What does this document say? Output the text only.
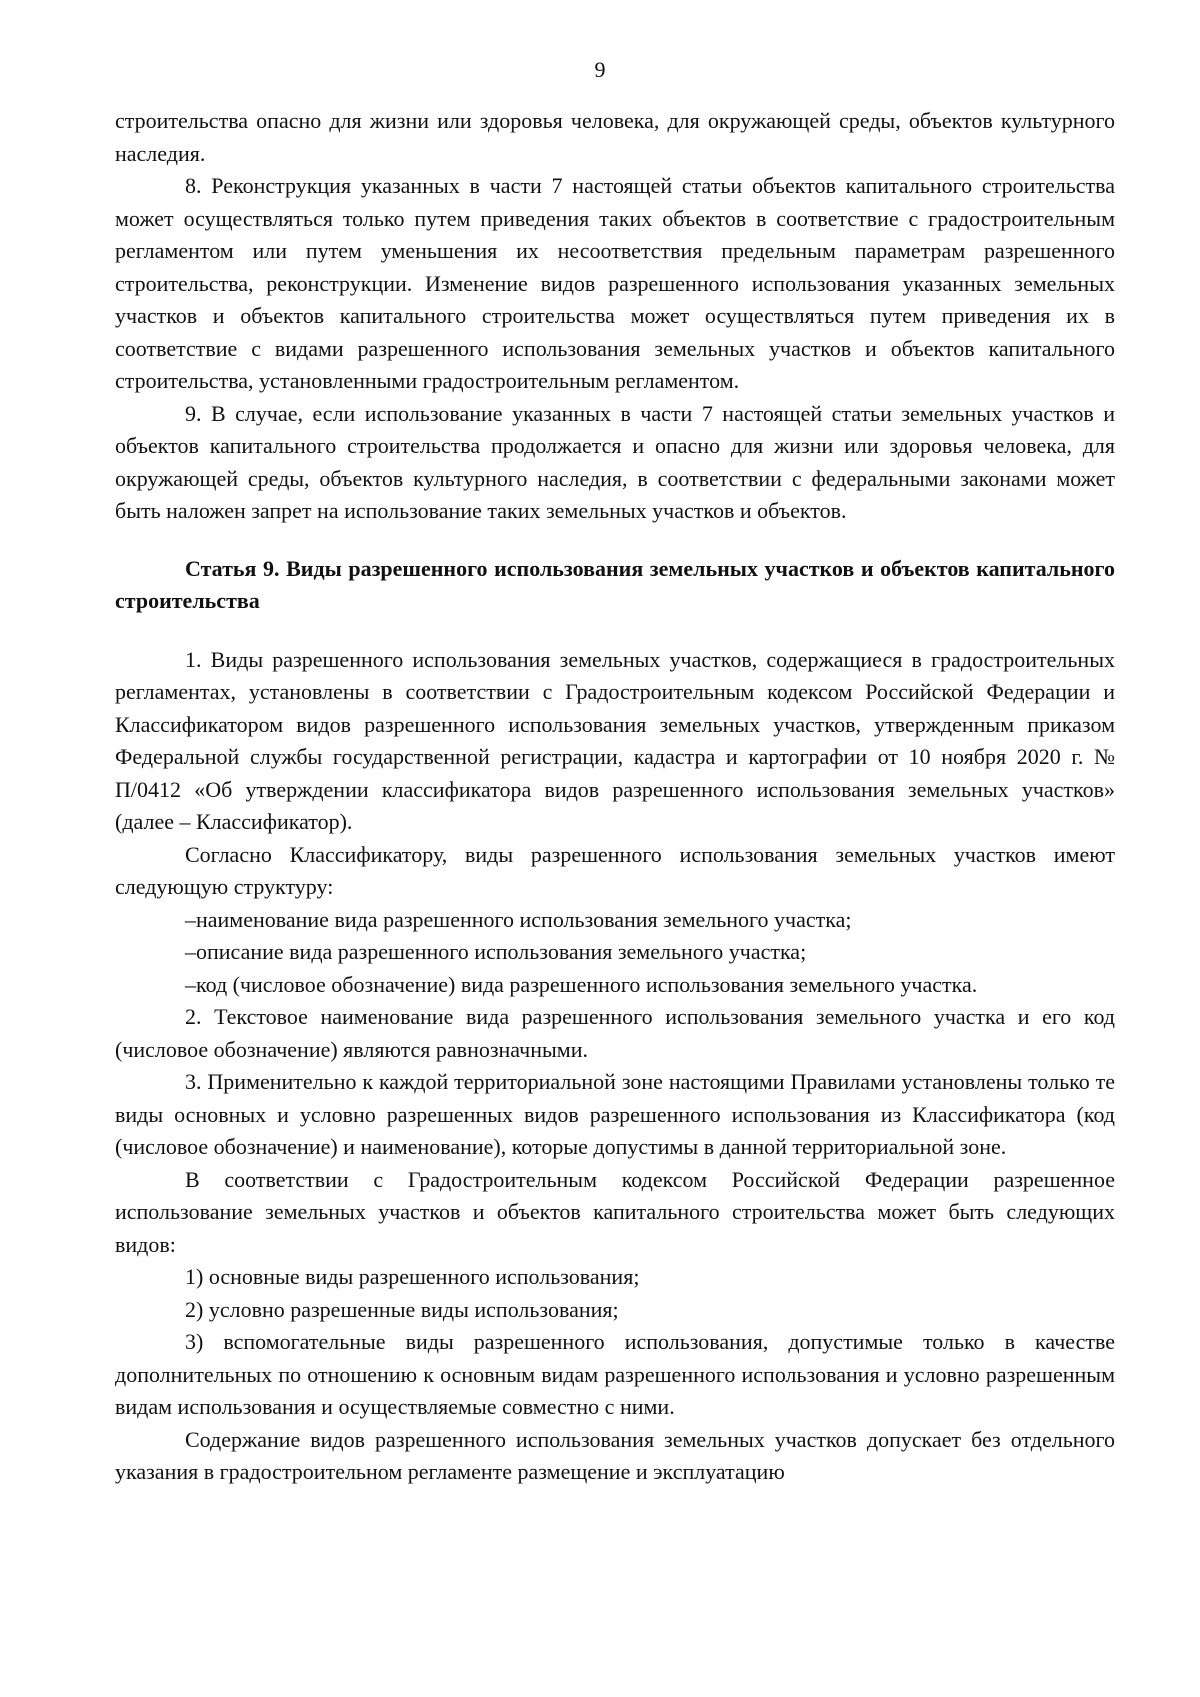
9

строительства опасно для жизни или здоровья человека, для окружающей среды, объектов культурного наследия.

8. Реконструкция указанных в части 7 настоящей статьи объектов капитального строительства может осуществляться только путем приведения таких объектов в соответствие с градостроительным регламентом или путем уменьшения их несоответствия предельным параметрам разрешенного строительства, реконструкции. Изменение видов разрешенного использования указанных земельных участков и объектов капитального строительства может осуществляться путем приведения их в соответствие с видами разрешенного использования земельных участков и объектов капитального строительства, установленными градостроительным регламентом.

9. В случае, если использование указанных в части 7 настоящей статьи земельных участков и объектов капитального строительства продолжается и опасно для жизни или здоровья человека, для окружающей среды, объектов культурного наследия, в соответствии с федеральными законами может быть наложен запрет на использование таких земельных участков и объектов.

Статья 9. Виды разрешенного использования земельных участков и объектов капитального строительства

1. Виды разрешенного использования земельных участков, содержащиеся в градостроительных регламентах, установлены в соответствии с Градостроительным кодексом Российской Федерации и Классификатором видов разрешенного использования земельных участков, утвержденным приказом Федеральной службы государственной регистрации, кадастра и картографии от 10 ноября 2020 г. № П/0412 «Об утверждении классификатора видов разрешенного использования земельных участков» (далее – Классификатор).

Согласно Классификатору, виды разрешенного использования земельных участков имеют следующую структуру:

–наименование вида разрешенного использования земельного участка;

–описание вида разрешенного использования земельного участка;

–код (числовое обозначение) вида разрешенного использования земельного участка.

2. Текстовое наименование вида разрешенного использования земельного участка и его код (числовое обозначение) являются равнозначными.

3. Применительно к каждой территориальной зоне настоящими Правилами установлены только те виды основных и условно разрешенных видов разрешенного использования из Классификатора (код (числовое обозначение) и наименование), которые допустимы в данной территориальной зоне.

В соответствии с Градостроительным кодексом Российской Федерации разрешенное использование земельных участков и объектов капитального строительства может быть следующих видов:

1) основные виды разрешенного использования;

2) условно разрешенные виды использования;

3) вспомогательные виды разрешенного использования, допустимые только в качестве дополнительных по отношению к основным видам разрешенного использования и условно разрешенным видам использования и осуществляемые совместно с ними.

Содержание видов разрешенного использования земельных участков допускает без отдельного указания в градостроительном регламенте размещение и эксплуатацию
